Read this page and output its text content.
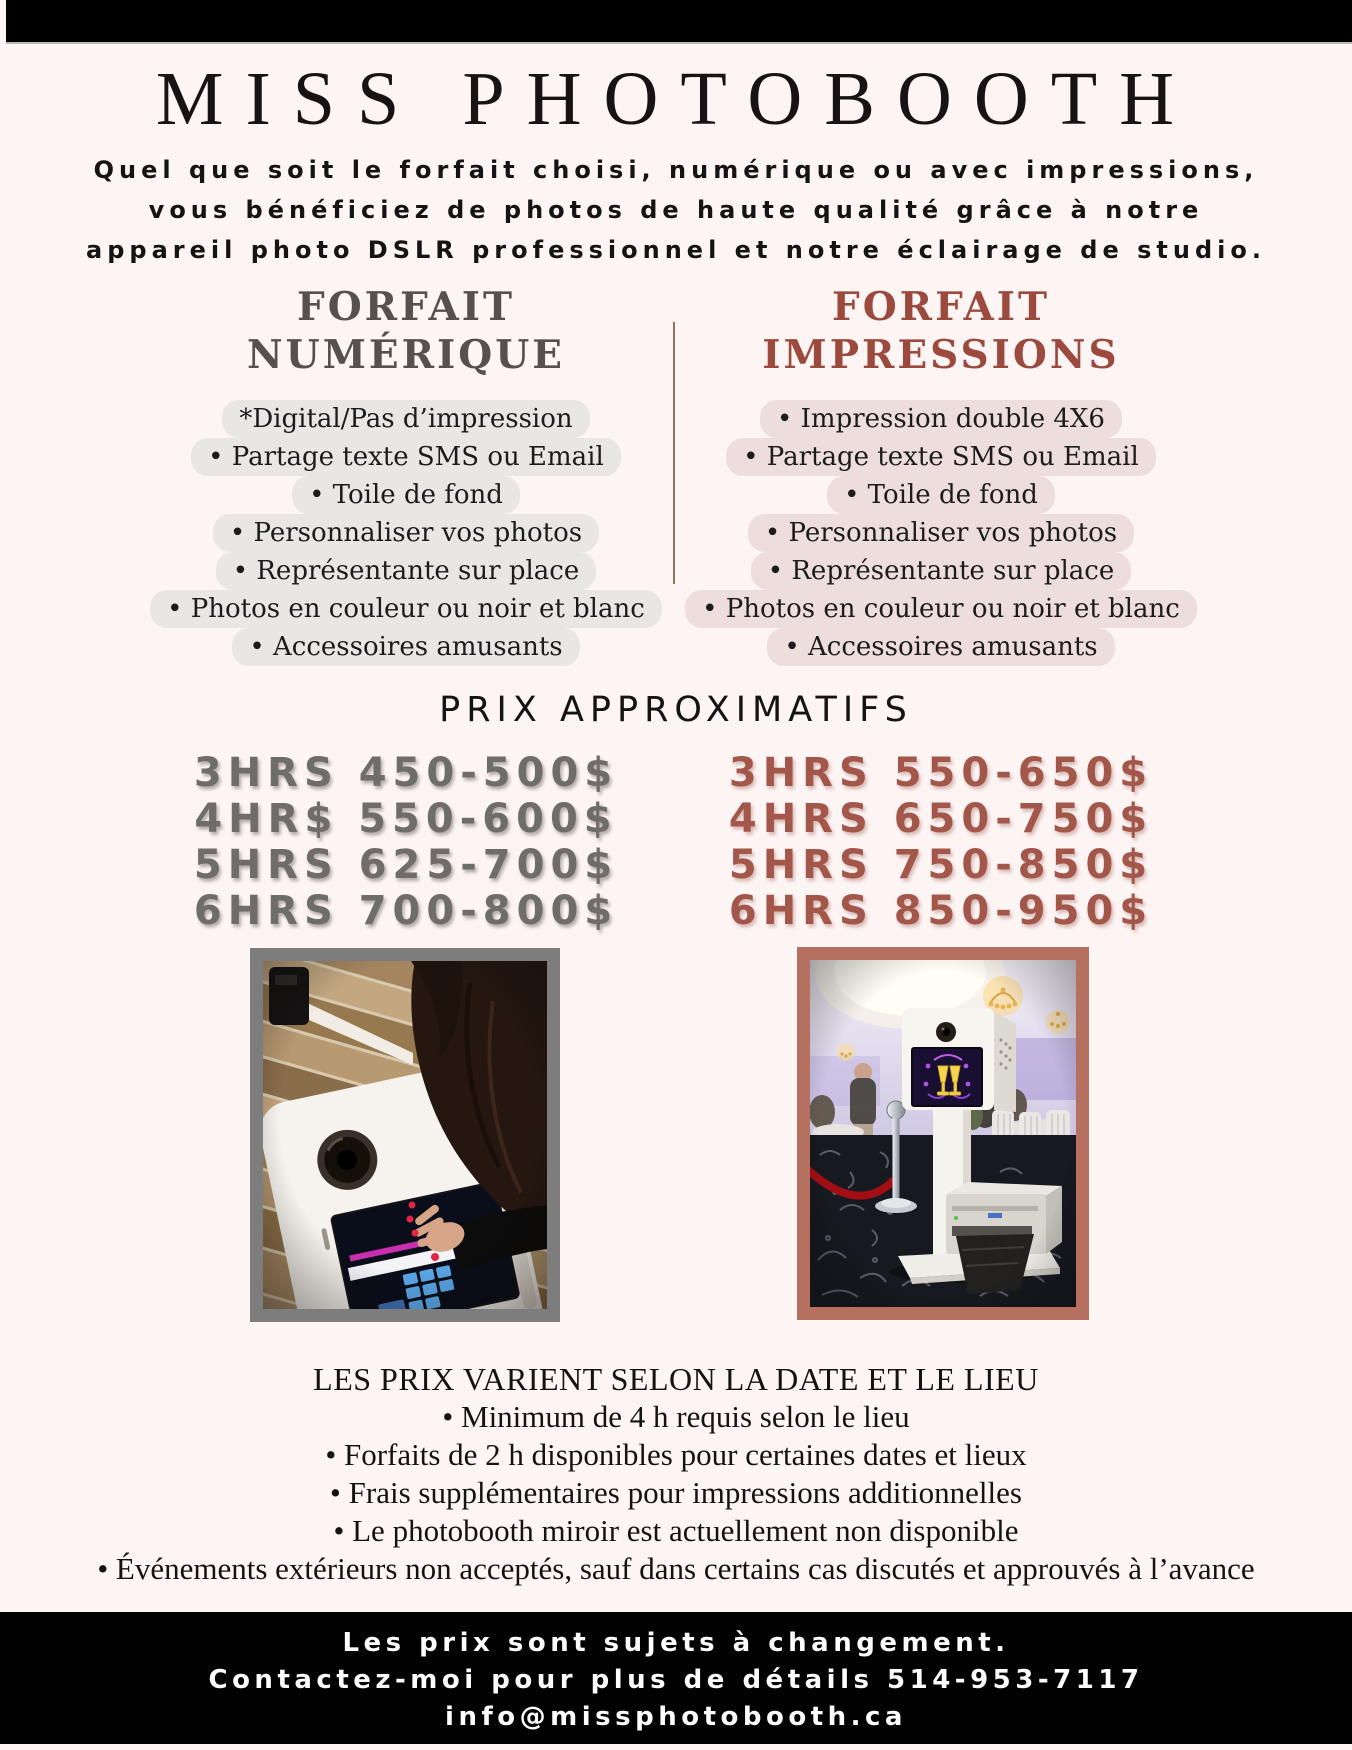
MISS PHOTOBOOTH
Quel que soit le forfait choisi, numérique ou avec impressions,
vous bénéficiez de photos de haute qualité grâce à notre
appareil photo DSLR professionnel et notre éclairage de studio.
FORFAIT
NUMÉRIQUE
*Digital/Pas d’impression
• Partage texte SMS ou Email
• Toile de fond
• Personnaliser vos photos
• Représentante sur place
• Photos en couleur ou noir et blanc
• Accessoires amusants
FORFAIT
IMPRESSIONS
• Impression double 4X6
• Partage texte SMS ou Email
• Toile de fond
• Personnaliser vos photos
• Représentante sur place
• Photos en couleur ou noir et blanc
• Accessoires amusants
PRIX APPROXIMATIFS
3HRS 450-500$
4HR$ 550-600$
5HRS 625-700$
6HRS 700-800$
3HRS 550-650$
4HRS 650-750$
5HRS 750-850$
6HRS 850-950$
LES PRIX VARIENT SELON LA DATE ET LE LIEU
• Minimum de 4 h requis selon le lieu
• Forfaits de 2 h disponibles pour certaines dates et lieux
• Frais supplémentaires pour impressions additionnelles
• Le photobooth miroir est actuellement non disponible
• Événements extérieurs non acceptés, sauf dans certains cas discutés et approuvés à l’avance
Les prix sont sujets à changement.
Contactez-moi pour plus de détails 514-953-7117
info@missphotobooth.ca
